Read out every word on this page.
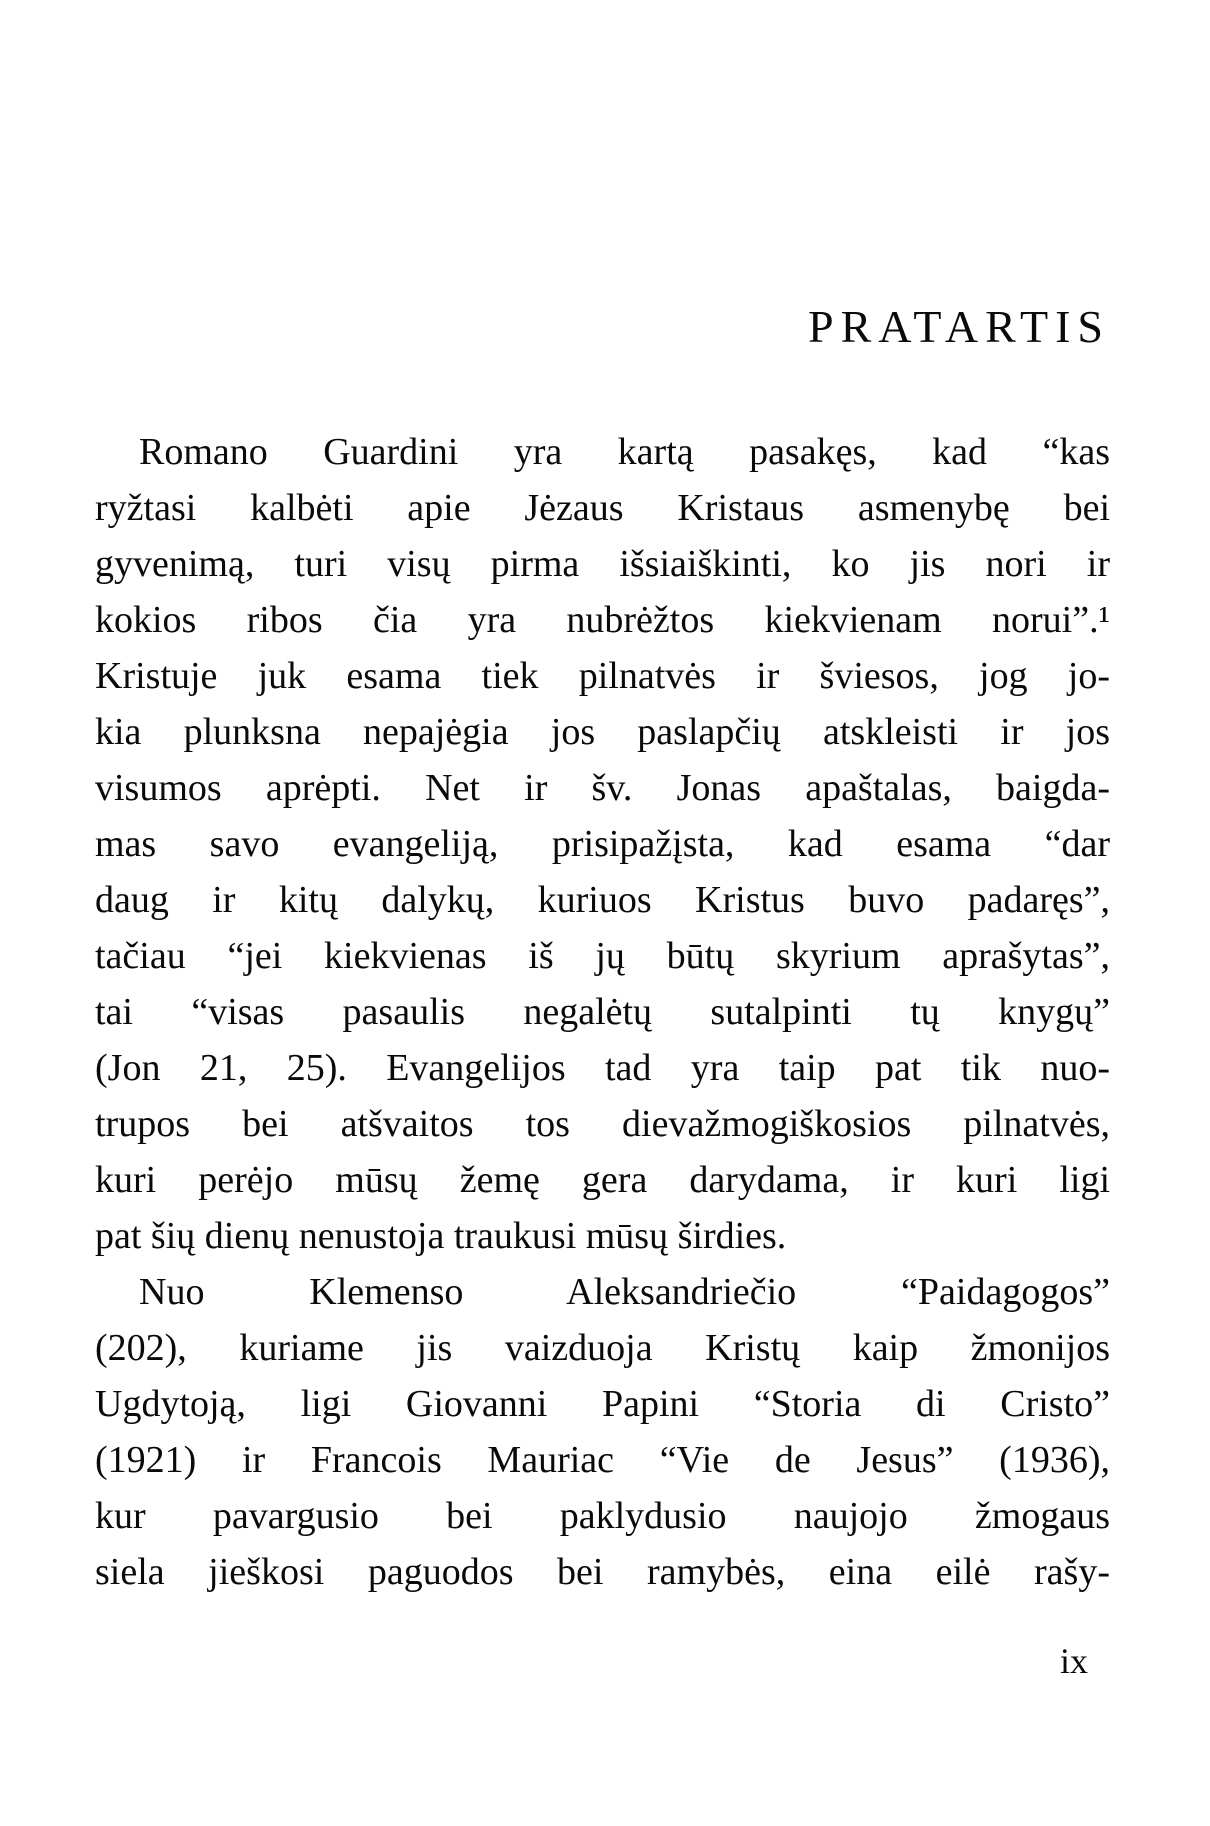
PRATARTIS
Romano Guardini yra kartą pasakęs, kad “kas
ryžtasi kalbėti apie Jėzaus Kristaus asmenybę bei
gyvenimą, turi visų pirma išsiaiškinti, ko jis nori ir
kokios ribos čia yra nubrėžtos kiekvienam norui”.¹
Kristuje juk esama tiek pilnatvės ir šviesos, jog jo-
kia plunksna nepajėgia jos paslapčių atskleisti ir jos
visumos aprėpti. Net ir šv. Jonas apaštalas, baigda-
mas savo evangeliją, prisipažįsta, kad esama “dar
daug ir kitų dalykų, kuriuos Kristus buvo padaręs”,
tačiau “jei kiekvienas iš jų būtų skyrium aprašytas”,
tai “visas pasaulis negalėtų sutalpinti tų knygų”
(Jon 21, 25). Evangelijos tad yra taip pat tik nuo-
trupos bei atšvaitos tos dievažmogiškosios pilnatvės,
kuri perėjo mūsų žemę gera darydama, ir kuri ligi
pat šių dienų nenustoja traukusi mūsų širdies.
Nuo Klemenso Aleksandriečio “Paidagogos”
(202), kuriame jis vaizduoja Kristų kaip žmonijos
Ugdytoją, ligi Giovanni Papini “Storia di Cristo”
(1921) ir Francois Mauriac “Vie de Jesus” (1936),
kur pavargusio bei paklydusio naujojo žmogaus
siela jieškosi paguodos bei ramybės, eina eilė rašy-
ix
